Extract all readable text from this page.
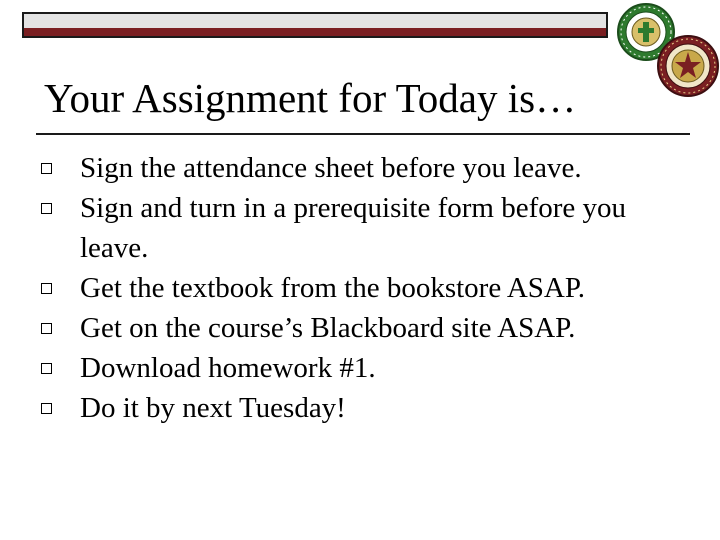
Your Assignment for Today is…
Sign the attendance sheet before you leave.
Sign and turn in a prerequisite form before you leave.
Get the textbook from the bookstore ASAP.
Get on the course’s Blackboard site ASAP.
Download homework #1.
Do it by next Tuesday!
